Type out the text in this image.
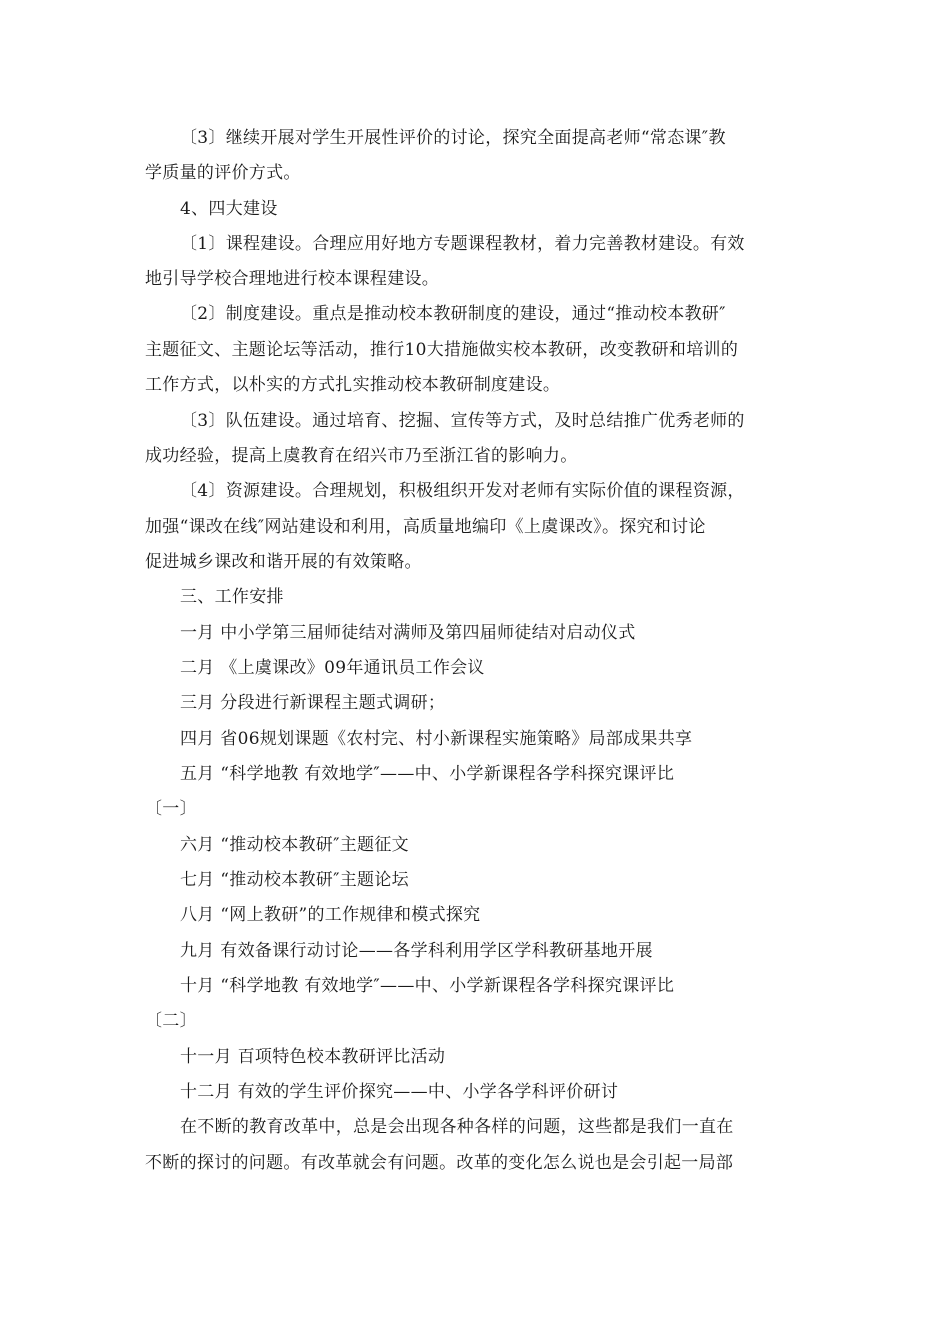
〔3〕继续开展对学生开展性评价的讨论，探究全面提高老师“常态课″教
学质量的评价方式。
4、四大建设
〔1〕课程建设。合理应用好地方专题课程教材，着力完善教材建设。有效
地引导学校合理地进行校本课程建设。
〔2〕制度建设。重点是推动校本教研制度的建设，通过“推动校本教研″
主题征文、主题论坛等活动，推行10大措施做实校本教研，改变教研和培训的
工作方式，以朴实的方式扎实推动校本教研制度建设。
〔3〕队伍建设。通过培育、挖掘、宣传等方式，及时总结推广优秀老师的
成功经验，提高上虞教育在绍兴市乃至浙江省的影响力。
〔4〕资源建设。合理规划，积极组织开发对老师有实际价值的课程资源，
加强“课改在线″网站建设和利用，高质量地编印《上虞课改》。探究和讨论
促进城乡课改和谐开展的有效策略。
三、工作安排
一月 中小学第三届师徒结对满师及第四届师徒结对启动仪式
二月 《上虞课改》09年通讯员工作会议
三月 分段进行新课程主题式调研；
四月 省06规划课题《农村完、村小新课程实施策略》局部成果共享
五月 “科学地教 有效地学″——中、小学新课程各学科探究课评比
〔一〕
六月 “推动校本教研″主题征文
七月 “推动校本教研″主题论坛
八月 “网上教研”的工作规律和模式探究
九月 有效备课行动讨论——各学科利用学区学科教研基地开展
十月 “科学地教 有效地学″——中、小学新课程各学科探究课评比
〔二〕
十一月 百项特色校本教研评比活动
十二月 有效的学生评价探究——中、小学各学科评价研讨
在不断的教育改革中，总是会出现各种各样的问题，这些都是我们一直在
不断的探讨的问题。有改革就会有问题。改革的变化怎么说也是会引起一局部
